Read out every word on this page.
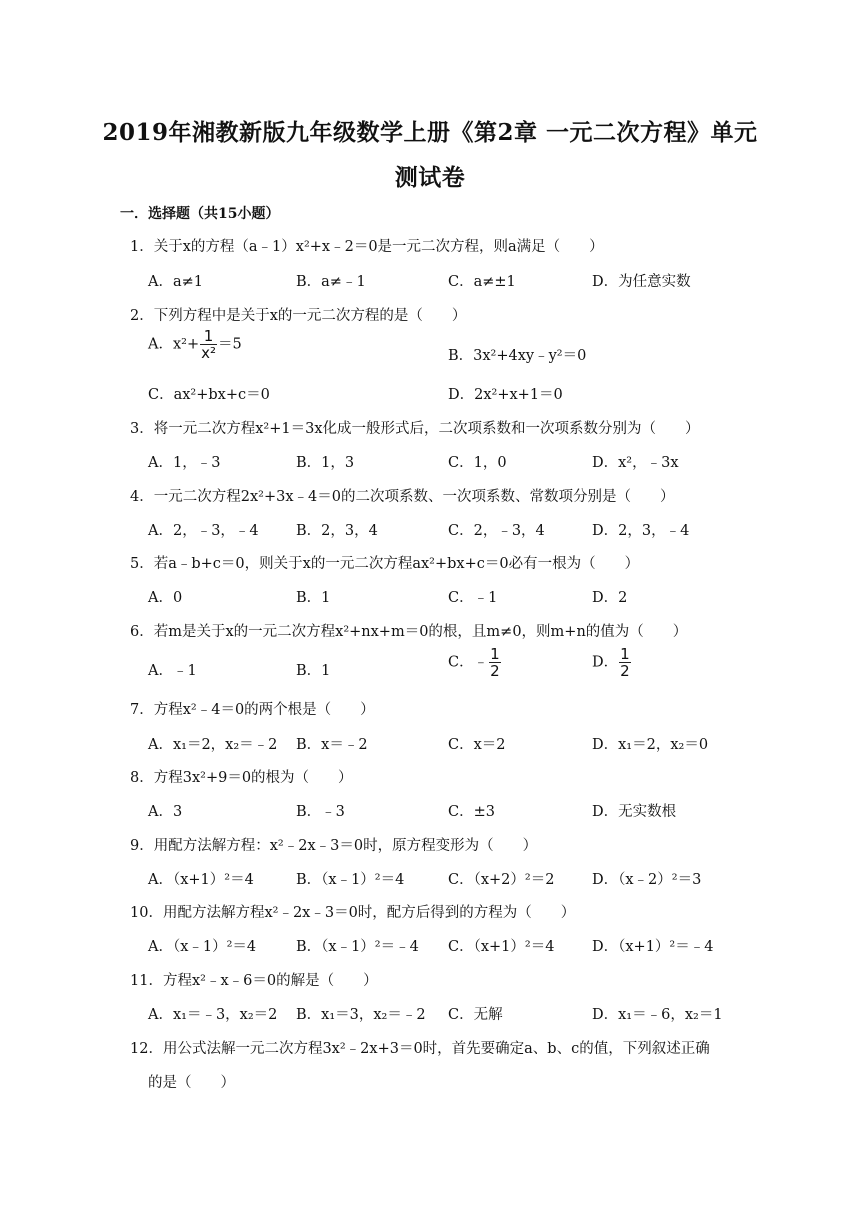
2019年湘教新版九年级数学上册《第2章 一元二次方程》单元
测试卷
一．选择题（共15小题）
1．关于x的方程（a﹣1）x²+x﹣2＝0是一元二次方程，则a满足（　　）
A．a≠1	B．a≠﹣1	C．a≠±1	D．为任意实数
2．下列方程中是关于x的一元二次方程的是（　　）
A．$x^2+ \frac{1}{\text{x²}} =5$
B．3x²+4xy﹣y²＝0
C．ax²+bx+c＝0	D．2x²+x+1＝0
3．将一元二次方程x²+1＝3x化成一般形式后，二次项系数和一次项系数分别为（　　）
A．1，﹣3	B．1，3	C．1，0	D．x²，﹣3x
4．一元二次方程2x²+3x﹣4＝0的二次项系数、一次项系数、常数项分别是（　　）
A．2，﹣3，﹣4	B．2，3，4	C．2，﹣3，4	D．2，3，﹣4
5．若a﹣b+c＝0，则关于x的一元二次方程ax²+bx+c＝0必有一根为（　　）
A．0	B．1	C．﹣1	D．2
6．若m是关于x的一元二次方程x²+nx+m＝0的根，且m≠0，则m+n的值为（　　）
A．﹣1	B．1
C．﹣ $\frac{1}{2}$	D． $\frac{1}{2}$
7．方程x²﹣4＝0的两个根是（　　）
A．x₁＝2，x₂＝﹣2 B．x＝﹣2	C．x＝2	D．x₁＝2，x₂＝0
8．方程3x²+9＝0的根为（　　）
A．3	B．﹣3	C．±3	D．无实数根
9．用配方法解方程：x²﹣2x﹣3＝0时，原方程变形为（　　）
A．（x+1）²＝4	B．（x﹣1）²＝4	C．（x+2）²＝2	D．（x﹣2）²＝3
10．用配方法解方程x²﹣2x﹣3＝0时，配方后得到的方程为（　　）
A．（x﹣1）²＝4	B．（x﹣1）²＝﹣4 C．（x+1）²＝4	D．（x+1）²＝﹣4
11．方程x²﹣x﹣6＝0的解是（　　）
A．x₁＝﹣3，x₂＝2 B．x₁＝3，x₂＝﹣2 C．无解	D．x₁＝﹣6，x₂＝1
12．用公式法解一元二次方程3x²﹣2x+3＝0时，首先要确定a、b、c的值，下列叙述正确
的是（　　）
